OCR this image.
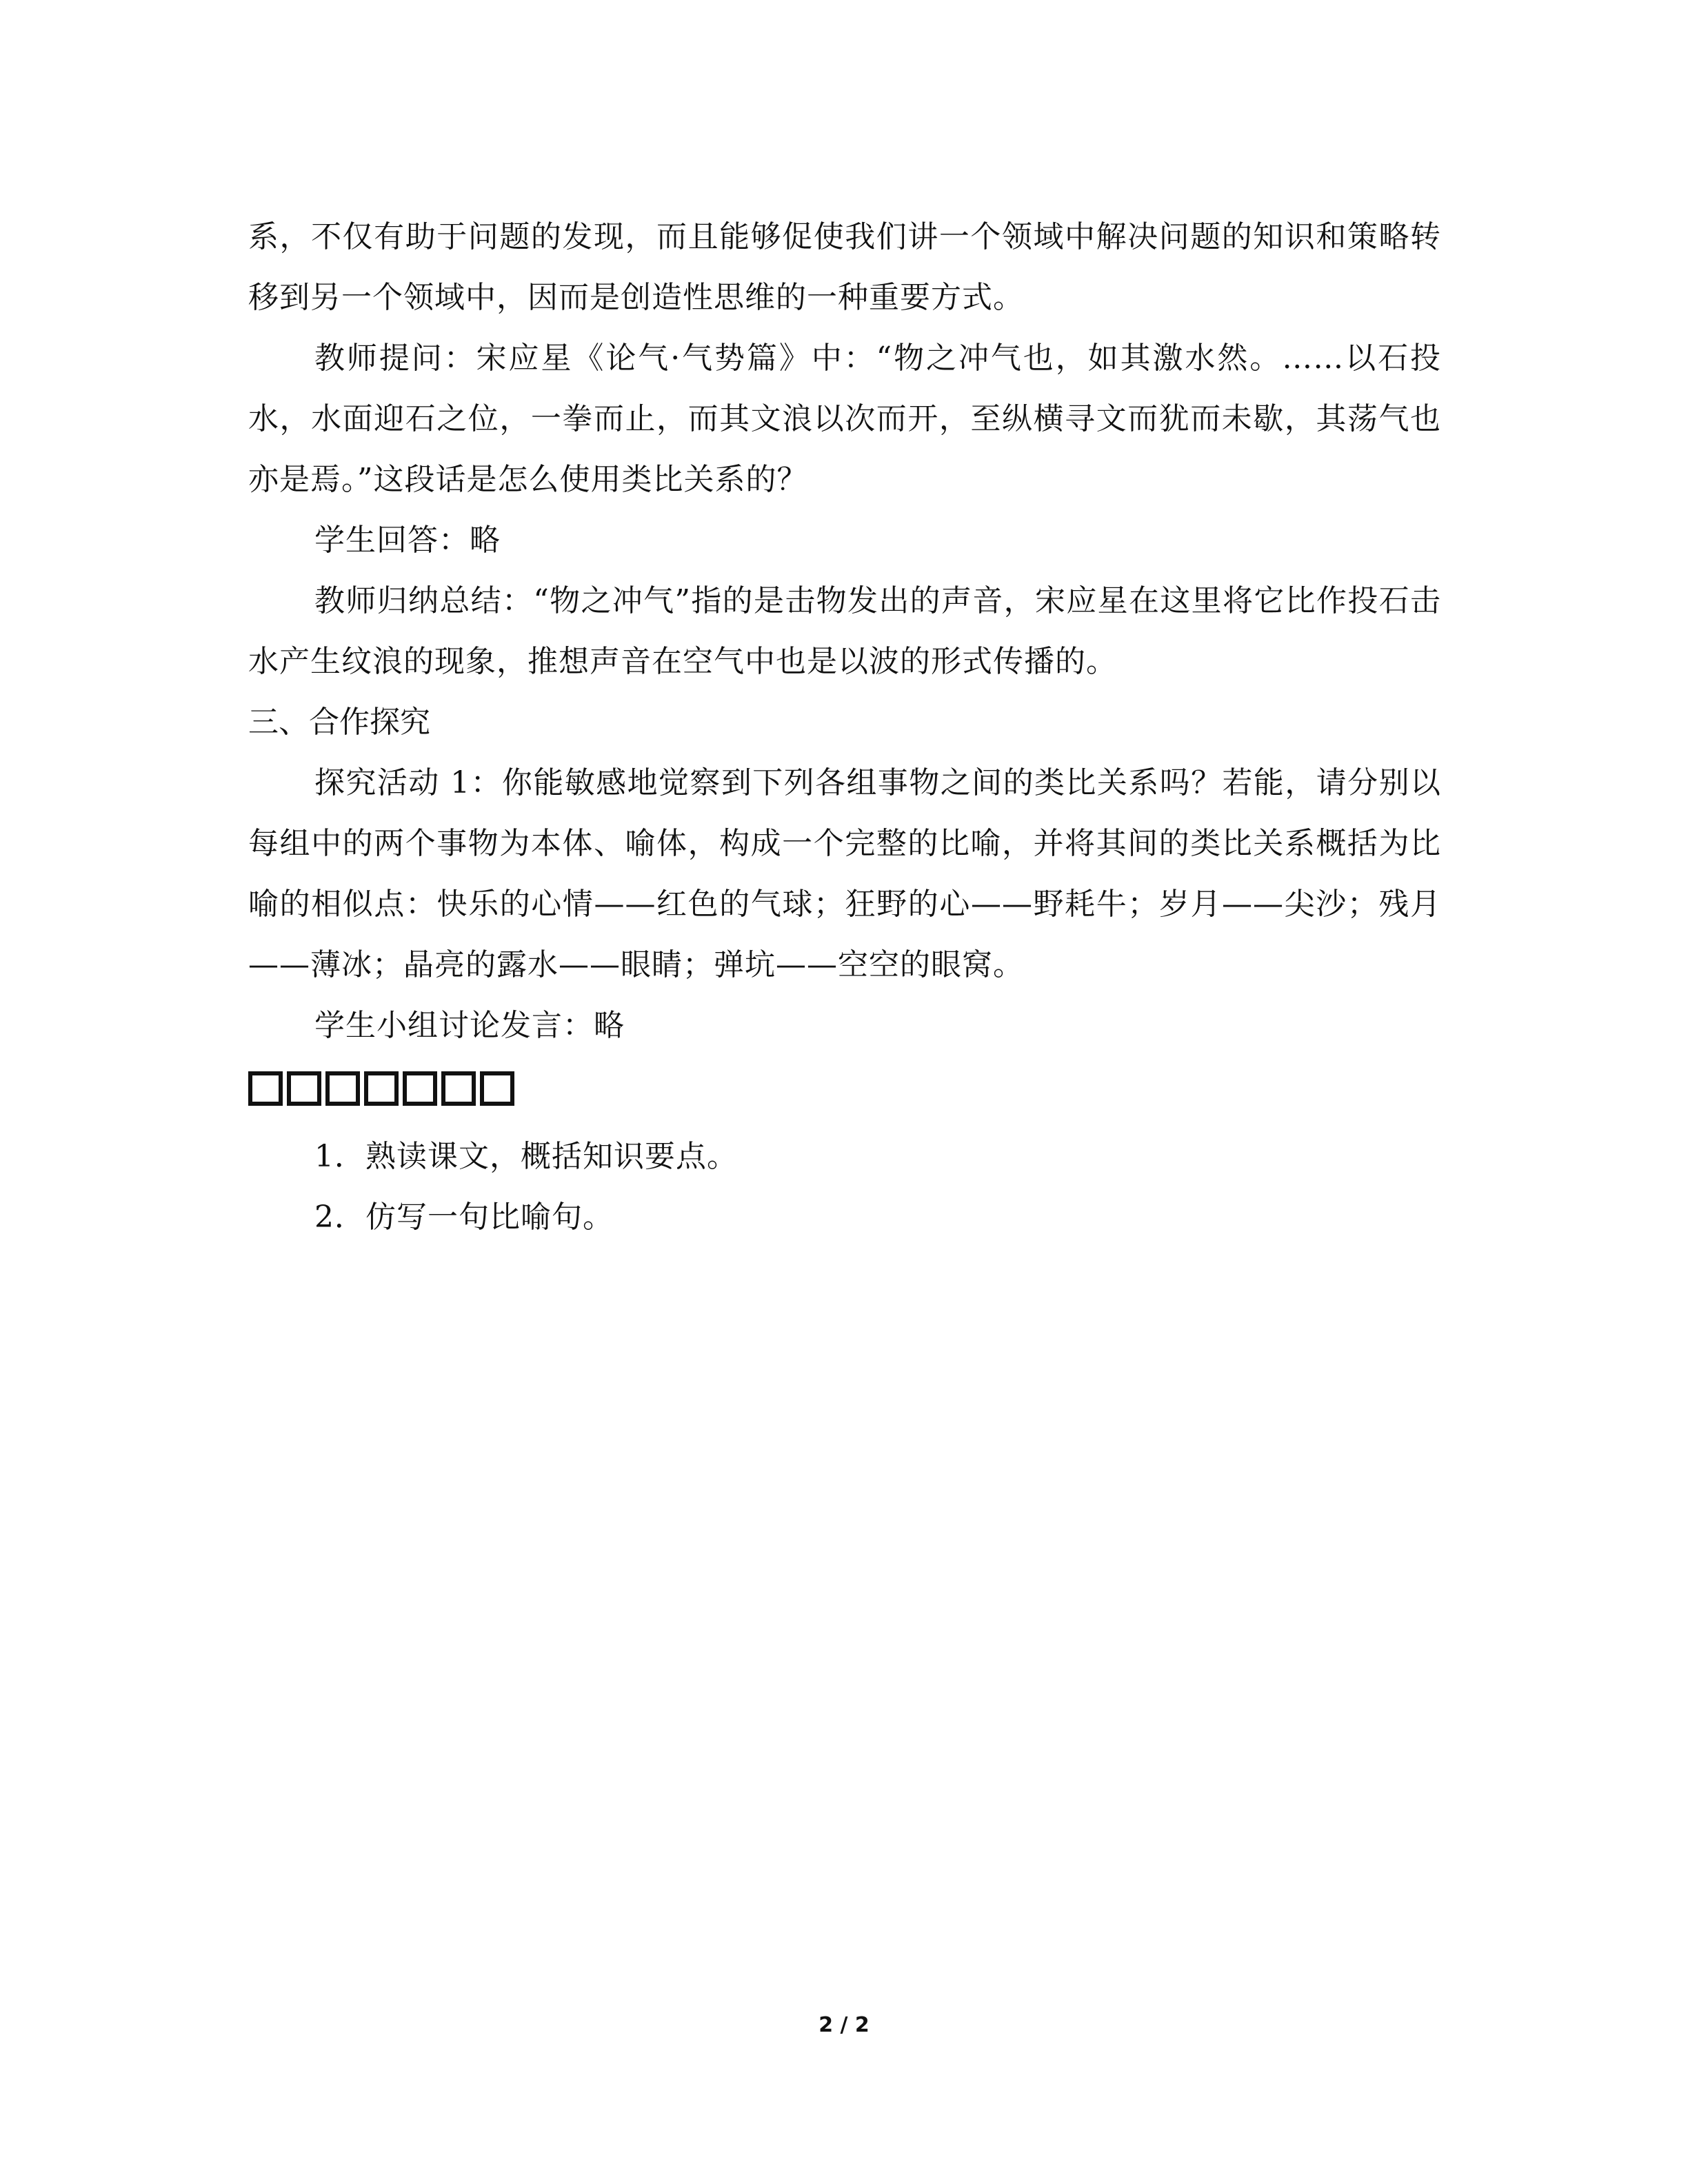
系，不仅有助于问题的发现，而且能够促使我们讲一个领域中解决问题的知识和策略转移到另一个领域中，因而是创造性思维的一种重要方式。

教师提问：宋应星《论气·气势篇》中：“物之冲气也，如其激水然。……以石投水，水面迎石之位，一拳而止，而其文浪以次而开，至纵横寻文而犹而未歇，其荡气也亦是焉。”这段话是怎么使用类比关系的？

学生回答：略

教师归纳总结：“物之冲气”指的是击物发出的声音，宋应星在这里将它比作投石击水产生纹浪的现象，推想声音在空气中也是以波的形式传播的。

三、合作探究

探究活动 1：你能敏感地觉察到下列各组事物之间的类比关系吗？若能，请分别以每组中的两个事物为本体、喻体，构成一个完整的比喻，并将其间的类比关系概括为比喻的相似点：快乐的心情——红色的气球；狂野的心——野耗牛；岁月——尖沙；残月——薄冰；晶亮的露水——眼睛；弹坑——空空的眼窝。

学生小组讨论发言：略

1．熟读课文，概括知识要点。
2．仿写一句比喻句。
2 / 2
